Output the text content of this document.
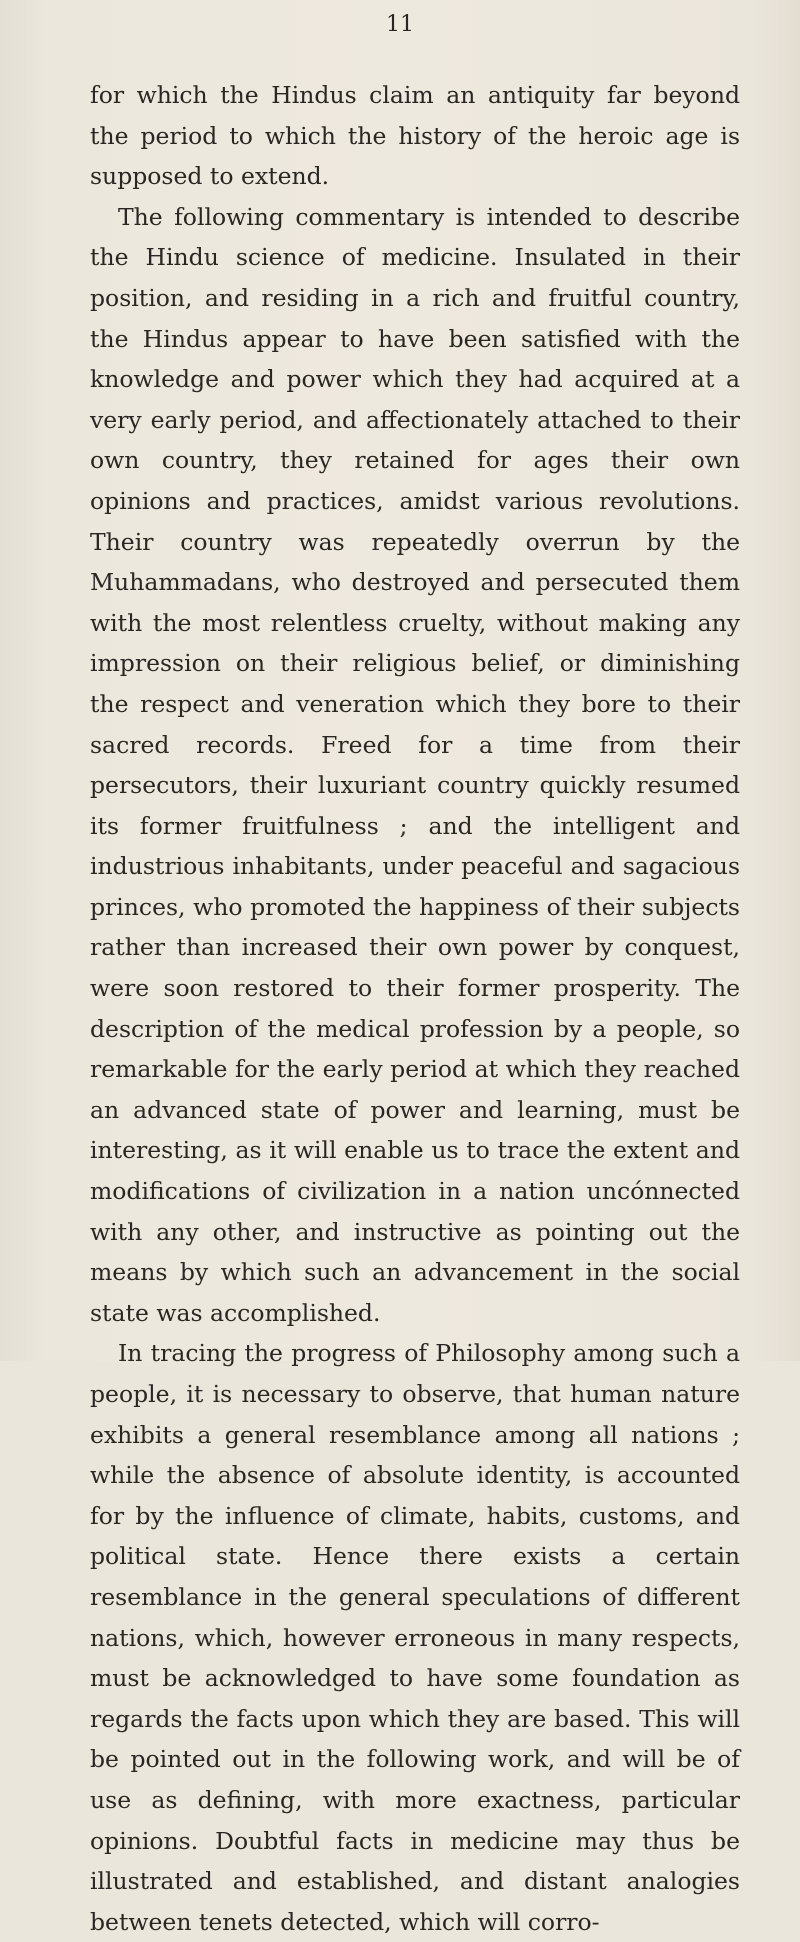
11

for which the Hindus claim an antiquity far beyond the period to which the history of the heroic age is supposed to extend.

The following commentary is intended to describe the Hindu science of medicine. Insulated in their position, and residing in a rich and fruitful country, the Hindus appear to have been satisfied with the knowledge and power which they had acquired at a very early period, and affectionately attached to their own country, they retained for ages their own opinions and practices, amidst various revolutions. Their country was repeatedly overrun by the Muhammadans, who destroyed and persecuted them with the most relentless cruelty, without making any impression on their religious belief, or diminishing the respect and veneration which they bore to their sacred records. Freed for a time from their persecutors, their luxuriant country quickly resumed its former fruitfulness ; and the intelligent and industrious inhabitants, under peaceful and sagacious princes, who promoted the happiness of their subjects rather than increased their own power by conquest, were soon restored to their former prosperity. The description of the medical profession by a people, so remarkable for the early period at which they reached an advanced state of power and learning, must be interesting, as it will enable us to trace the extent and modifications of civilization in a nation uncónnected with any other, and instructive as pointing out the means by which such an advancement in the social state was accomplished.

In tracing the progress of Philosophy among such a people, it is necessary to observe, that human nature exhibits a general resemblance among all nations ; while the absence of absolute identity, is accounted for by the influence of climate, habits, customs, and political state. Hence there exists a certain resemblance in the general speculations of different nations, which, however erroneous in many respects, must be acknowledged to have some foundation as regards the facts upon which they are based. This will be pointed out in the following work, and will be of use as defining, with more exactness, particular opinions. Doubtful facts in medicine may thus be illustrated and established, and distant analogies between tenets detected, which will corro-
